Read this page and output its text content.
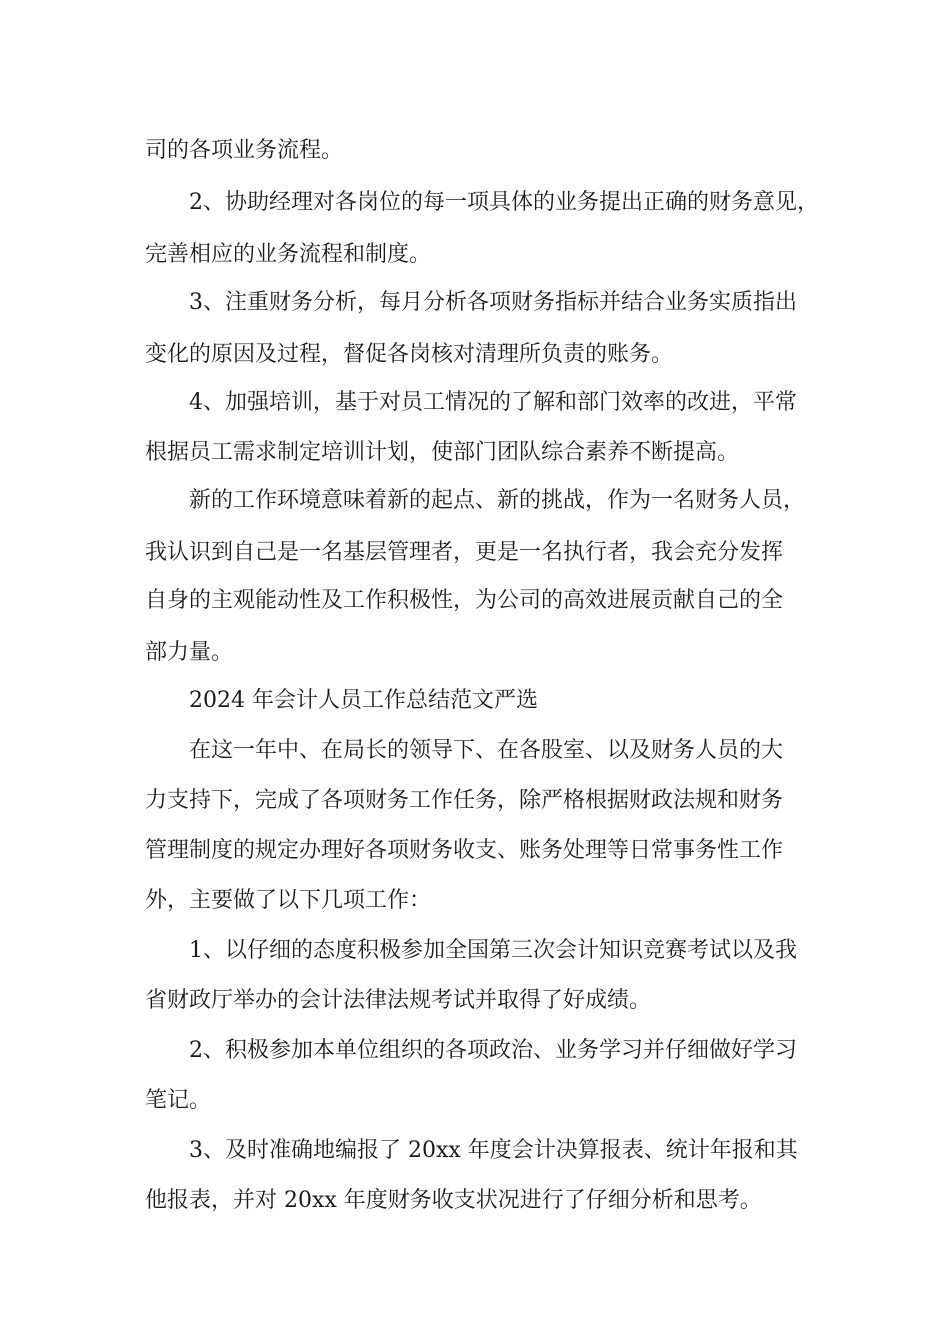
司的各项业务流程。
2、协助经理对各岗位的每一项具体的业务提出正确的财务意见，
完善相应的业务流程和制度。
3、注重财务分析，每月分析各项财务指标并结合业务实质指出
变化的原因及过程，督促各岗核对清理所负责的账务。
4、加强培训，基于对员工情况的了解和部门效率的改进，平常
根据员工需求制定培训计划，使部门团队综合素养不断提高。
新的工作环境意味着新的起点、新的挑战，作为一名财务人员，
我认识到自己是一名基层管理者，更是一名执行者，我会充分发挥
自身的主观能动性及工作积极性，为公司的高效进展贡献自己的全
部力量。
2024 年会计人员工作总结范文严选
在这一年中、在局长的领导下、在各股室、以及财务人员的大
力支持下，完成了各项财务工作任务，除严格根据财政法规和财务
管理制度的规定办理好各项财务收支、账务处理等日常事务性工作
外，主要做了以下几项工作：
1、以仔细的态度积极参加全国第三次会计知识竞赛考试以及我
省财政厅举办的会计法律法规考试并取得了好成绩。
2、积极参加本单位组织的各项政治、业务学习并仔细做好学习
笔记。
3、及时准确地编报了 20xx 年度会计决算报表、统计年报和其
他报表，并对 20xx 年度财务收支状况进行了仔细分析和思考。
